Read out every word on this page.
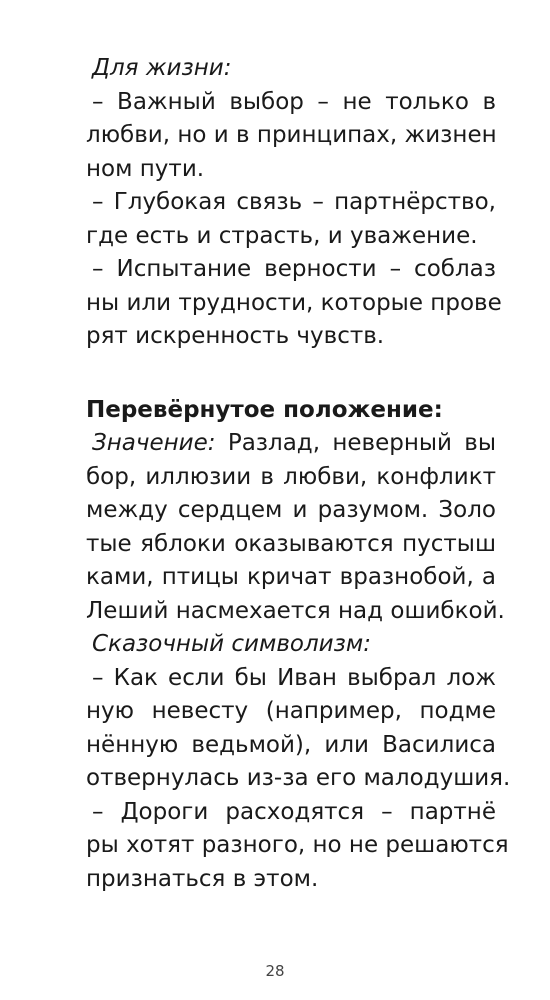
Для жизни:
– Важный выбор – не только в
любви, но и в принципах, жизнен
ном пути.
– Глубокая связь – партнёрство,
где есть и страсть, и уважение.
– Испытание верности – соблаз
ны или трудности, которые прове
рят искренность чувств.
Перевёрнутое положение:
Значение: Разлад, неверный вы
бор, иллюзии в любви, конфликт
между сердцем и разумом. Золо
тые яблоки оказываются пустыш
ками, птицы кричат вразнобой, а
Леший насмехается над ошибкой.
Сказочный символизм:
– Как если бы Иван выбрал лож
ную невесту (например, подме
нённую ведьмой), или Василиса
отвернулась из-за его малодушия.
– Дороги расходятся – партнё
ры хотят разного, но не решаются
признаться в этом.
28
